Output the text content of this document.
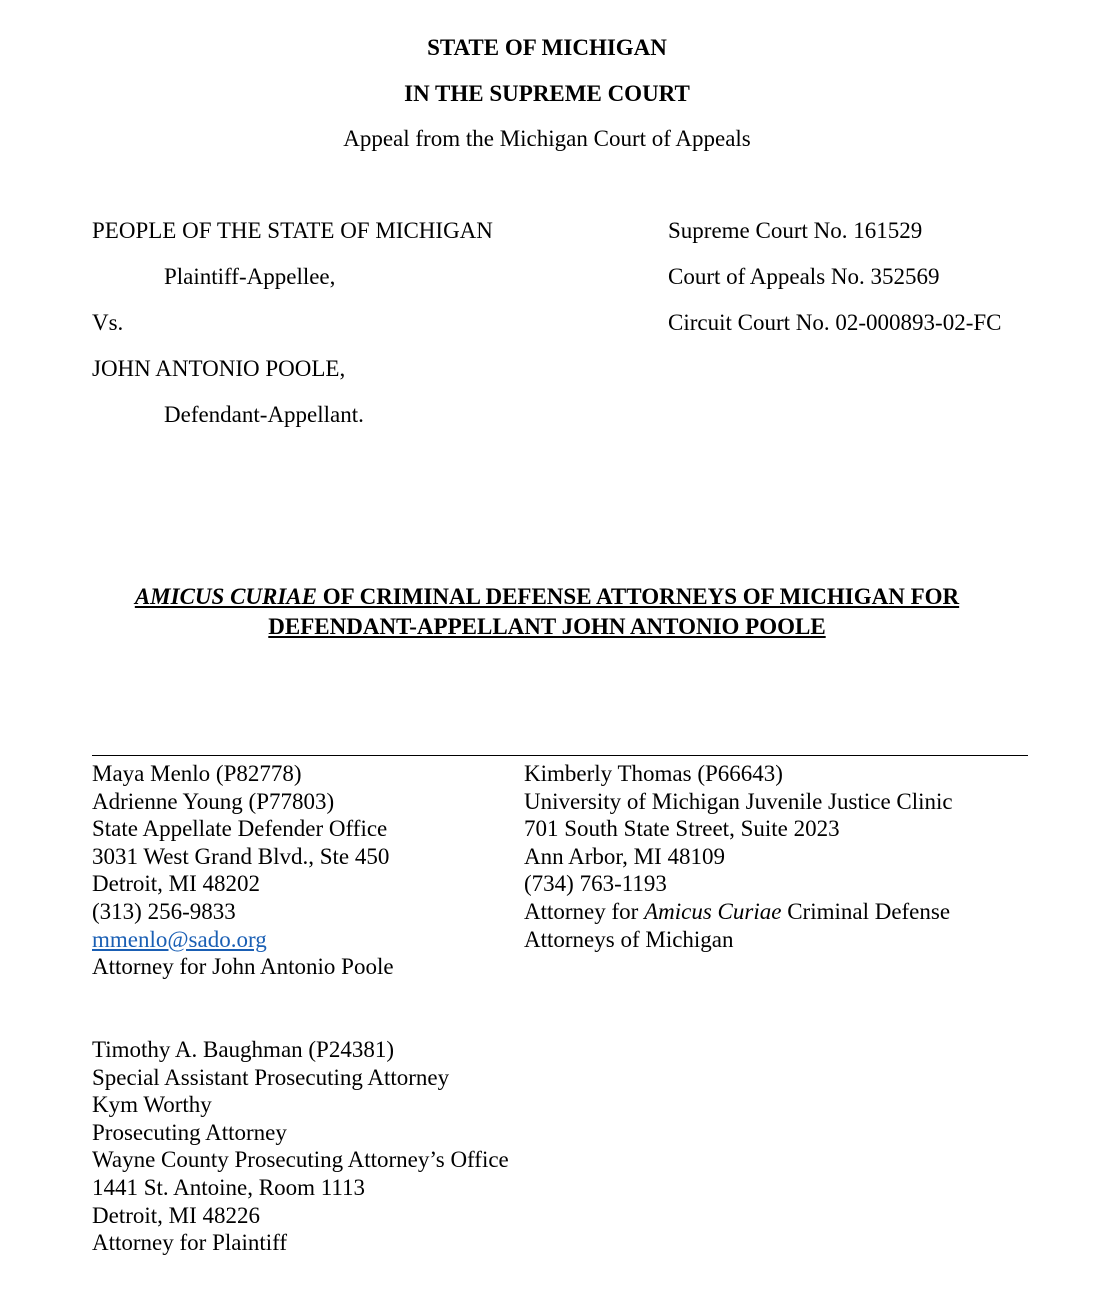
STATE OF MICHIGAN
IN THE SUPREME COURT
Appeal from the Michigan Court of Appeals
PEOPLE OF THE STATE OF MICHIGAN
Plaintiff-Appellee,
Vs.
JOHN ANTONIO POOLE,
Defendant-Appellant.
Supreme Court No. 161529
Court of Appeals No. 352569
Circuit Court No. 02-000893-02-FC
AMICUS CURIAE OF CRIMINAL DEFENSE ATTORNEYS OF MICHIGAN FOR
DEFENDANT-APPELLANT JOHN ANTONIO POOLE
Maya Menlo (P82778)
Adrienne Young (P77803)
State Appellate Defender Office
3031 West Grand Blvd., Ste 450
Detroit, MI 48202
(313) 256-9833
mmenlo@sado.org
Attorney for John Antonio Poole
Kimberly Thomas (P66643)
University of Michigan Juvenile Justice Clinic
701 South State Street, Suite 2023
Ann Arbor, MI 48109
(734) 763-1193
Attorney for Amicus Curiae Criminal Defense
Attorneys of Michigan
Timothy A. Baughman (P24381)
Special Assistant Prosecuting Attorney
Kym Worthy
Prosecuting Attorney
Wayne County Prosecuting Attorney’s Office
1441 St. Antoine, Room 1113
Detroit, MI 48226
Attorney for Plaintiff
